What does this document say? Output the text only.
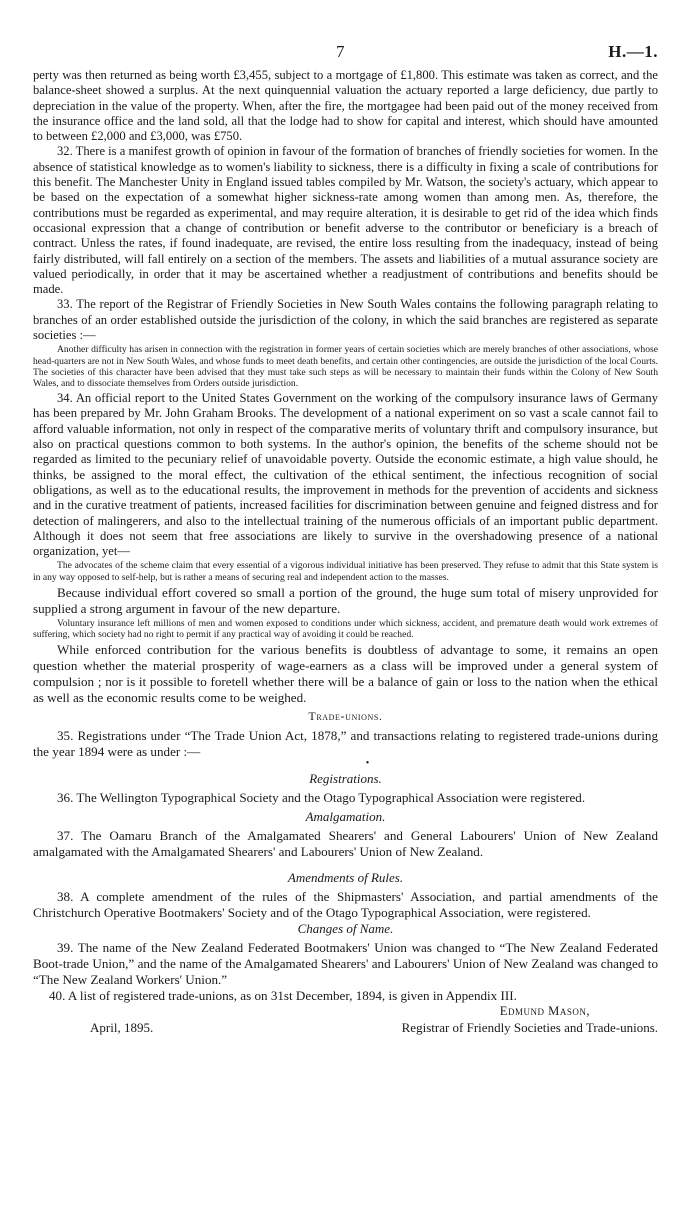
7	H.—1.

perty was then returned as being worth £3,455, subject to a mortgage of £1,800. This estimate was taken as correct, and the balance-sheet showed a surplus. At the next quinquennial valuation the actuary reported a large deficiency, due partly to depreciation in the value of the property. When, after the fire, the mortgagee had been paid out of the money received from the insurance office and the land sold, all that the lodge had to show for capital and interest, which should have amounted to between £2,000 and £3,000, was £750.

32. There is a manifest growth of opinion in favour of the formation of branches of friendly societies for women. In the absence of statistical knowledge as to women's liability to sickness, there is a difficulty in fixing a scale of contributions for this benefit. The Manchester Unity in England issued tables compiled by Mr. Watson, the society's actuary, which appear to be based on the expectation of a somewhat higher sickness-rate among women than among men. As, therefore, the contributions must be regarded as experimental, and may require alteration, it is desirable to get rid of the idea which finds occasional expression that a change of contribution or benefit adverse to the contributor or beneficiary is a breach of contract. Unless the rates, if found inadequate, are revised, the entire loss resulting from the inadequacy, instead of being fairly distributed, will fall entirely on a section of the members. The assets and liabilities of a mutual assurance society are valued periodically, in order that it may be ascertained whether a readjustment of contributions and benefits should be made.

33. The report of the Registrar of Friendly Societies in New South Wales contains the following paragraph relating to branches of an order established outside the jurisdiction of the colony, in which the said branches are registered as separate societies :—

Another difficulty has arisen in connection with the registration in former years of certain societies which are merely branches of other associations, whose head-quarters are not in New South Wales, and whose funds to meet death benefits, and certain other contingencies, are outside the jurisdiction of the local Courts. The societies of this character have been advised that they must take such steps as will be necessary to maintain their funds within the Colony of New South Wales, and to dissociate themselves from Orders outside jurisdiction.

34. An official report to the United States Government on the working of the compulsory insurance laws of Germany has been prepared by Mr. John Graham Brooks. The development of a national experiment on so vast a scale cannot fail to afford valuable information, not only in respect of the comparative merits of voluntary thrift and compulsory insurance, but also on practical questions common to both systems. In the author's opinion, the benefits of the scheme should not be regarded as limited to the pecuniary relief of unavoidable poverty. Outside the economic estimate, a high value should, he thinks, be assigned to the moral effect, the cultivation of the ethical sentiment, the infectious recognition of social obligations, as well as to the educational results, the improvement in methods for the prevention of accidents and sickness and in the curative treatment of patients, increased facilities for discrimination between genuine and feigned distress and for detection of malingerers, and also to the intellectual training of the numerous officials of an important public department. Although it does not seem that free associations are likely to survive in the overshadowing presence of a national organization, yet—

The advocates of the scheme claim that every essential of a vigorous individual initiative has been preserved. They refuse to admit that this State system is in any way opposed to self-help, but is rather a means of securing real and independent action to the masses.

Because individual effort covered so small a portion of the ground, the huge sum total of misery unprovided for supplied a strong argument in favour of the new departure.

Voluntary insurance left millions of men and women exposed to conditions under which sickness, accident, and premature death would work extremes of suffering, which society had no right to permit if any practical way of avoiding it could be reached.

While enforced contribution for the various benefits is doubtless of advantage to some, it remains an open question whether the material prosperity of wage-earners as a class will be improved under a general system of compulsion ; nor is it possible to foretell whether there will be a balance of gain or loss to the nation when the ethical as well as the economic results come to be weighed.

Trade-unions.

35. Registrations under “The Trade Union Act, 1878,” and transactions relating to registered trade-unions during the year 1894 were as under :—

•
Registrations.

36. The Wellington Typographical Society and the Otago Typographical Association were registered.

Amalgamation.

37. The Oamaru Branch of the Amalgamated Shearers' and General Labourers' Union of New Zealand amalgamated with the Amalgamated Shearers' and Labourers' Union of New Zealand.

Amendments of Rules.

38. A complete amendment of the rules of the Shipmasters' Association, and partial amendments of the Christchurch Operative Bootmakers' Society and of the Otago Typographical Association, were registered.

Changes of Name.

39. The name of the New Zealand Federated Bootmakers' Union was changed to “The New Zealand Federated Boot-trade Union,” and the name of the Amalgamated Shearers' and Labourers' Union of New Zealand was changed to “The New Zealand Workers' Union.”

40. A list of registered trade-unions, as on 31st December, 1894, is given in Appendix III.

Edmund Mason,
April, 1895.	Registrar of Friendly Societies and Trade-unions.
